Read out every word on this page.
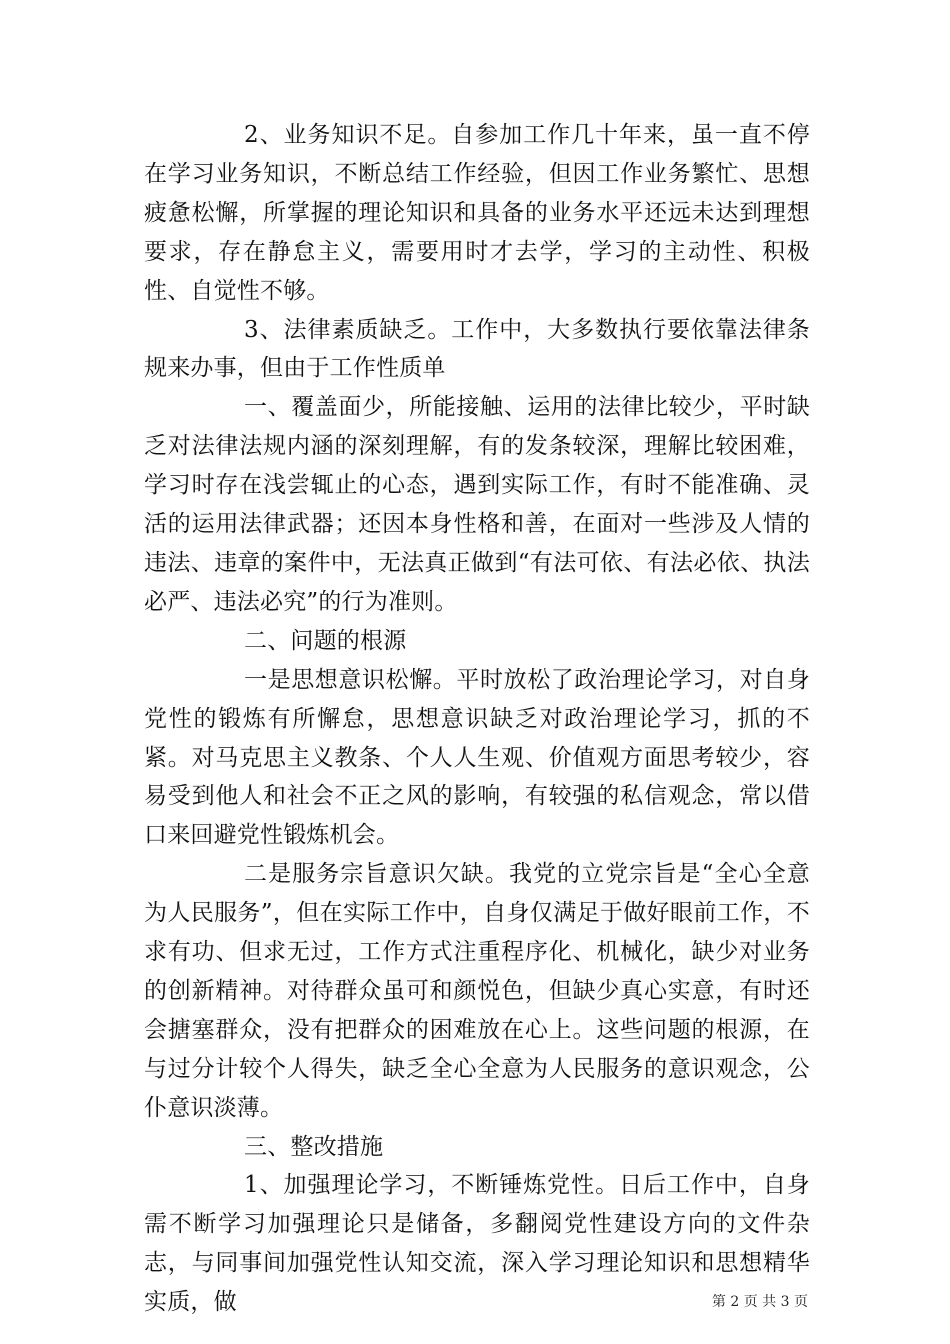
2、业务知识不足。自参加工作几十年来，虽一直不停在学习业务知识，不断总结工作经验，但因工作业务繁忙、思想疲惫松懈，所掌握的理论知识和具备的业务水平还远未达到理想要求，存在静怠主义，需要用时才去学，学习的主动性、积极性、自觉性不够。

3、法律素质缺乏。工作中，大多数执行要依靠法律条规来办事，但由于工作性质单

一、覆盖面少，所能接触、运用的法律比较少，平时缺乏对法律法规内涵的深刻理解，有的发条较深，理解比较困难，学习时存在浅尝辄止的心态，遇到实际工作，有时不能准确、灵活的运用法律武器；还因本身性格和善，在面对一些涉及人情的违法、违章的案件中，无法真正做到“有法可依、有法必依、执法必严、违法必究”的行为准则。

二、问题的根源

一是思想意识松懈。平时放松了政治理论学习，对自身党性的锻炼有所懈怠，思想意识缺乏对政治理论学习，抓的不紧。对马克思主义教条、个人人生观、价值观方面思考较少，容易受到他人和社会不正之风的影响，有较强的私信观念，常以借口来回避党性锻炼机会。

二是服务宗旨意识欠缺。我党的立党宗旨是“全心全意为人民服务”，但在实际工作中，自身仅满足于做好眼前工作，不求有功、但求无过，工作方式注重程序化、机械化，缺少对业务的创新精神。对待群众虽可和颜悦色，但缺少真心实意，有时还会搪塞群众，没有把群众的困难放在心上。这些问题的根源，在与过分计较个人得失，缺乏全心全意为人民服务的意识观念，公仆意识淡薄。

三、整改措施

1、加强理论学习，不断锤炼党性。日后工作中，自身需不断学习加强理论只是储备，多翻阅党性建设方向的文件杂志，与同事间加强党性认知交流，深入学习理论知识和思想精华实质，做	第 2 页 共 3 页
